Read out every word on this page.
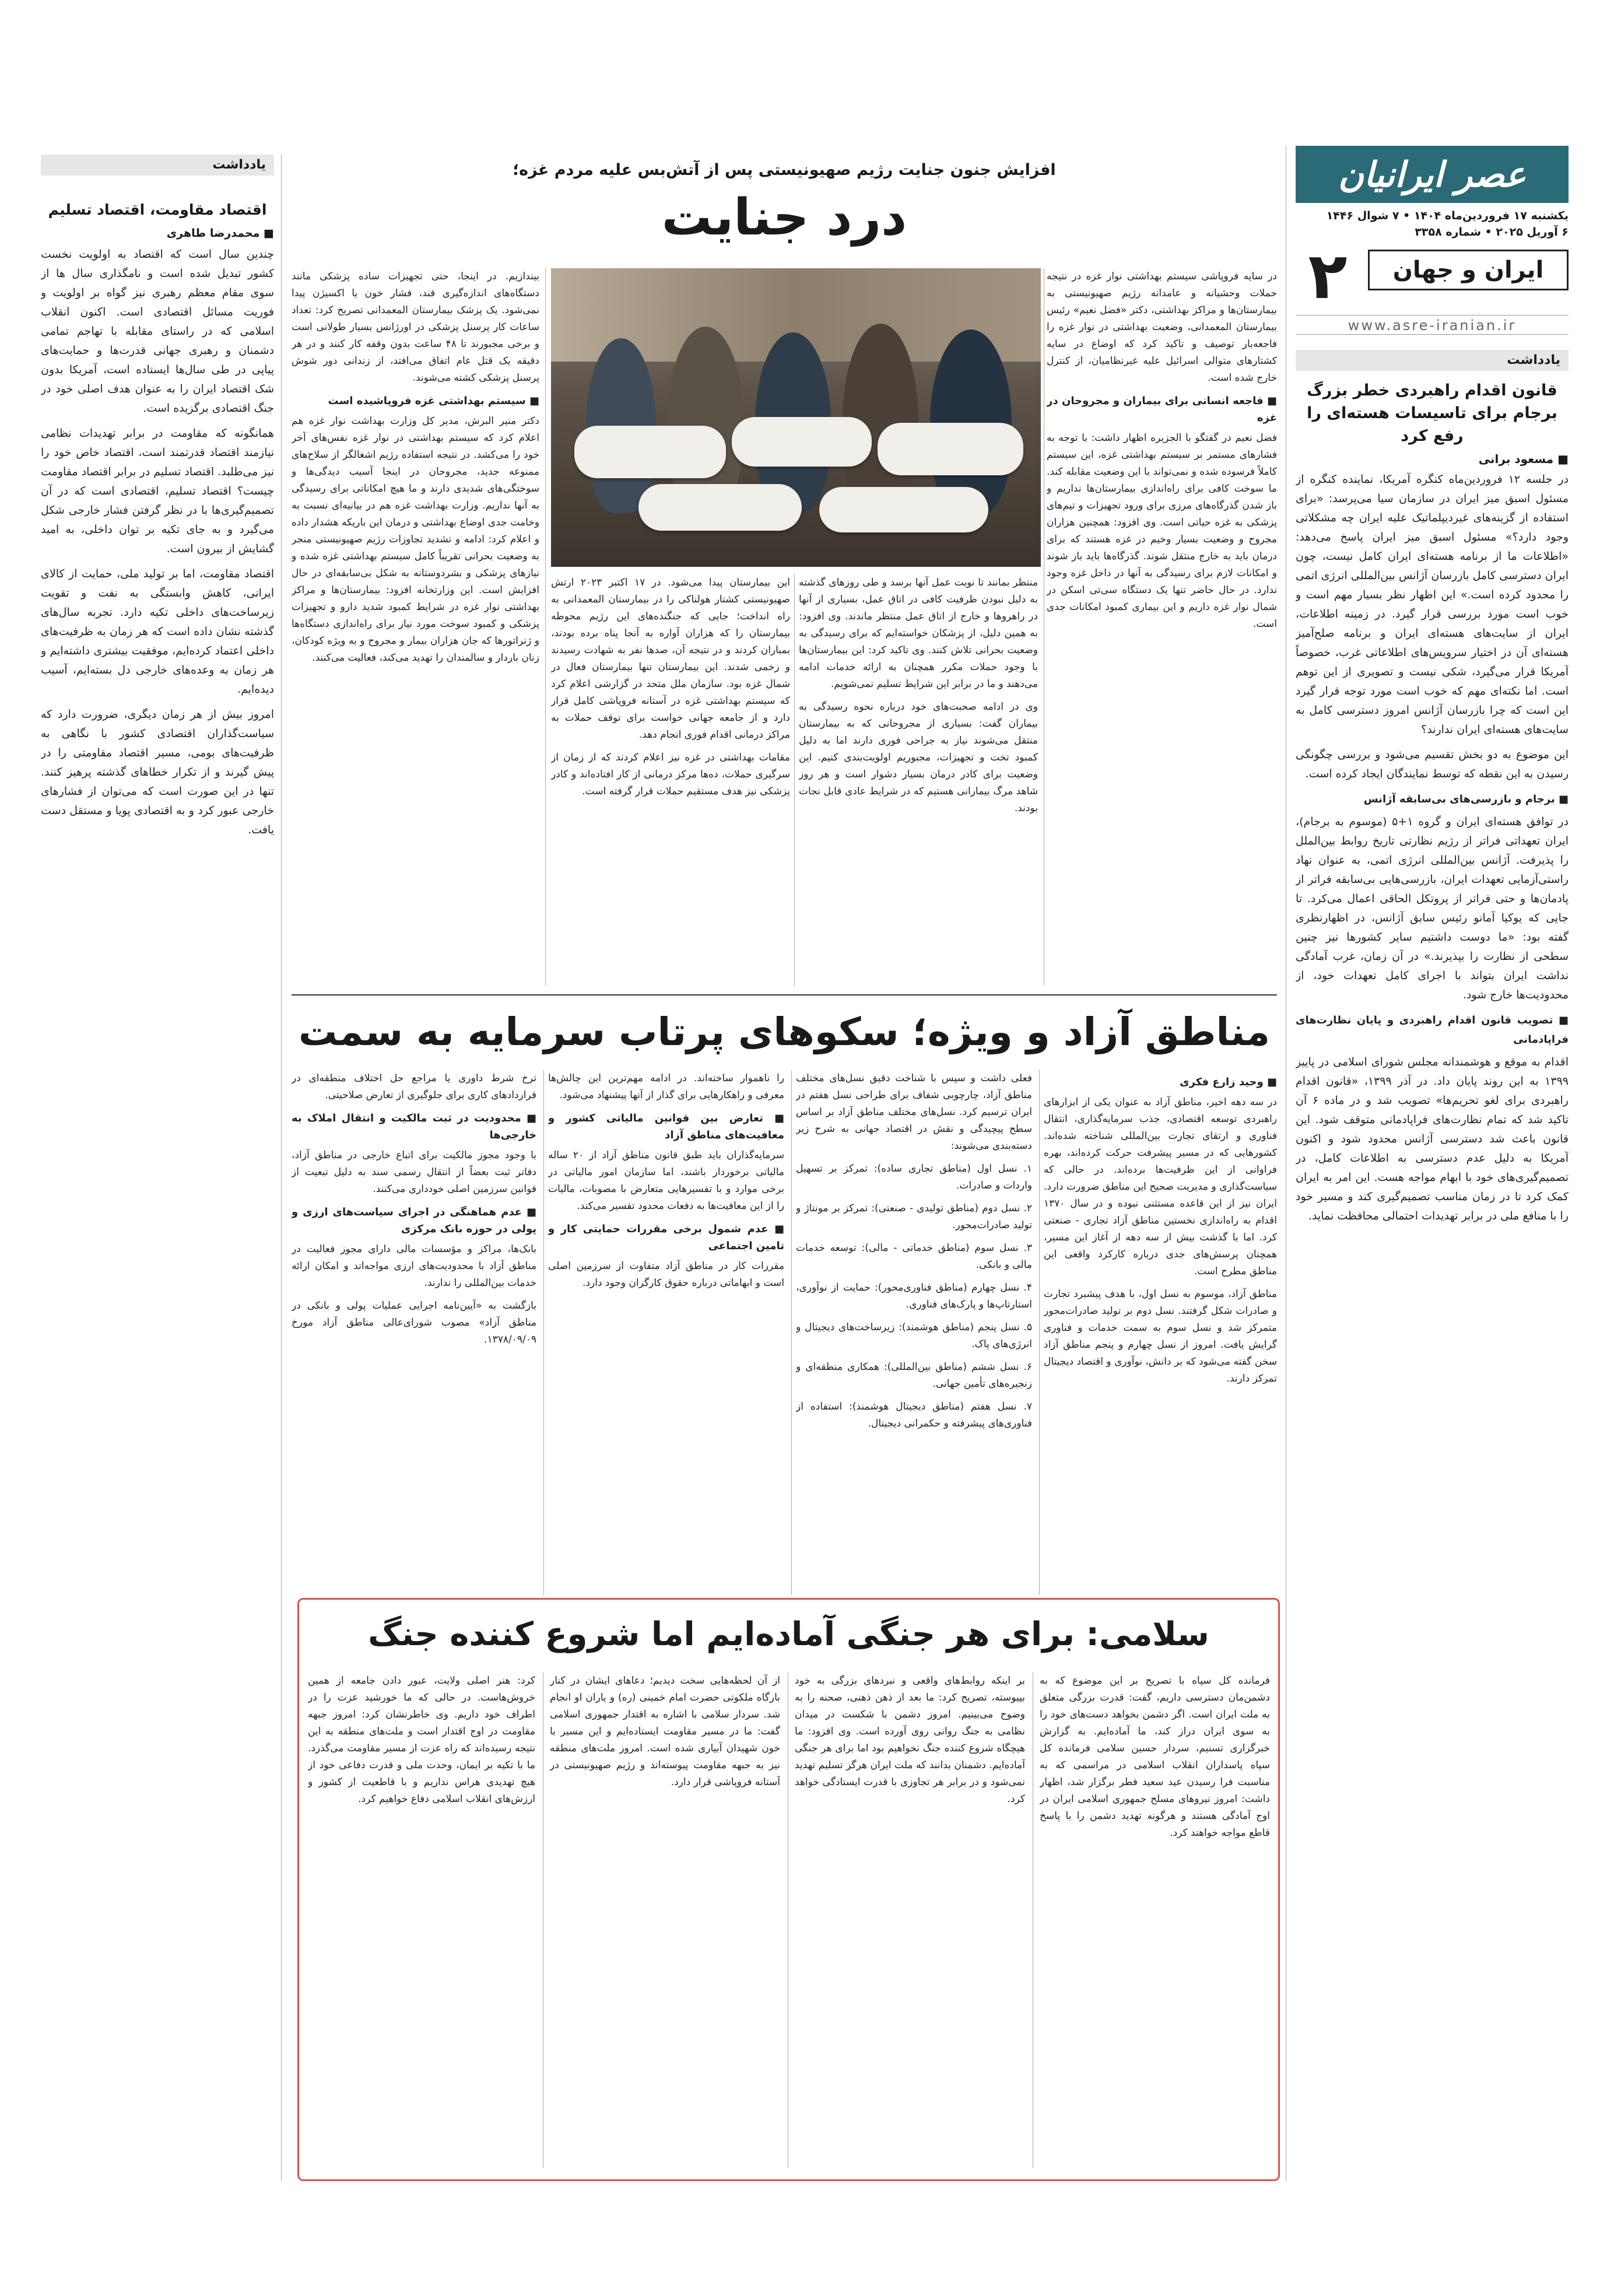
عصر ایرانیان
یکشنبه ۱۷ فروردین‌ماه ۱۴۰۴ • ۷ شوال ۱۴۴۶
۶ آوریل ۲۰۲۵ • شماره ۳۳۵۸
۲	ایران و جهان
www.asre-iranian.ir
یادداشت
قانون اقدام راهبردی خطر بزرگ برجام برای تاسیسات هسته‌ای را رفع کرد
■ مسعود برانی

در جلسه ۱۲ فروردین‌ماه کنگره آمریکا، نماینده کنگره از مسئول اسبق میز ایران در سازمان سیا می‌پرسد: «برای استفاده از گزینه‌های غیردیپلماتیک علیه ایران چه مشکلاتی وجود دارد؟» مسئول اسبق میز ایران پاسخ می‌دهد: «اطلاعات ما از برنامه هسته‌ای ایران کامل نیست، چون ایران دسترسی کامل بازرسان آژانس بین‌المللی انرژی اتمی را محدود کرده است.» این اظهار نظر بسیار مهم است و خوب است مورد بررسی قرار گیرد. در زمینه اطلاعات، ایران از سایت‌های هسته‌ای ایران و برنامه صلح‌آمیز هسته‌ای آن در اختیار سرویس‌های اطلاعاتی غرب، خصوصاً آمریکا قرار می‌گیرد، شکی نیست و تصویری از این توهم است. اما نکته‌ای مهم که خوب است مورد توجه قرار گیرد این است که چرا بازرسان آژانس امروز دسترسی کامل به سایت‌های هسته‌ای ایران ندارند؟

این موضوع به دو بخش تقسیم می‌شود و بررسی چگونگی رسیدن به این نقطه که توسط نمایندگان ایجاد کرده است.

■ برجام و بازرسی‌های بی‌سابقه آژانس

در توافق هسته‌ای ایران و گروه ۱+۵ (موسوم به برجام)، ایران تعهداتی فراتر از رژیم نظارتی تاریخ روابط بین‌الملل را پذیرفت. آژانس بین‌المللی انرژی اتمی، به عنوان نهاد راستی‌آزمایی تعهدات ایران، بازرسی‌هایی بی‌سابقه فراتر از پادمان‌ها و حتی فراتر از پروتکل الحاقی اعمال می‌کرد. تا جایی که یوکیا آمانو رئیس سابق آژانس، در اظهارنظری گفته بود: «ما دوست داشتیم سایر کشورها نیز چنین سطحی از نظارت را بپذیرند.» در آن زمان، غرب آمادگی نداشت ایران بتواند با اجرای کامل تعهدات خود، از محدودیت‌ها خارج شود.

■ تصویب قانون اقدام راهبردی و پایان نظارت‌های فراپادمانی

اقدام به موقع و هوشمندانه مجلس شورای اسلامی در پاییز ۱۳۹۹ به این روند پایان داد. در آذر ۱۳۹۹، «قانون اقدام راهبردی برای لغو تحریم‌ها» تصویب شد و در ماده ۶ آن تاکید شد که تمام نظارت‌های فراپادمانی متوقف شود. این قانون باعث شد دسترسی آژانس محدود شود و اکنون آمریکا به دلیل عدم دسترسی به اطلاعات کامل، در تصمیم‌گیری‌های خود با ابهام مواجه هست. این امر به ایران کمک کرد تا در زمان مناسب تصمیم‌گیری کند و مسیر خود را با منافع ملی در برابر تهدیدات احتمالی محافظت نماید.

افزایش جنون جنایت رژیم صهیونیستی پس از آتش‌بس علیه مردم غزه؛
درد جنایت

در سایه فروپاشی سیستم بهداشتی نوار غزه در نتیجه حملات وحشیانه و عامدانه رژیم صهیونیستی به بیمارستان‌ها و مراکز بهداشتی، دکتر «فضل نعیم» رئیس بیمارستان المعمدانی، وضعیت بهداشتی در نوار غزه را فاجعه‌بار توصیف و تاکید کرد که اوضاع در سایه کشتارهای متوالی اسرائیل علیه غیرنظامیان، از کنترل خارج شده است.

■ فاجعه انسانی برای بیماران و مجروحان در غزه

فضل نعیم در گفتگو با الجزیره اظهار داشت: با توجه به فشارهای مستمر بر سیستم بهداشتی غزه، این سیستم کاملاً فرسوده شده و نمی‌تواند با این وضعیت مقابله کند. ما سوخت کافی برای راه‌اندازی بیمارستان‌ها نداریم و باز شدن گذرگاه‌های مرزی برای ورود تجهیزات و تیم‌های پزشکی به غزه حیاتی است. وی افزود: همچنین هزاران مجروح و وضعیت بسیار وخیم در غزه هستند که برای درمان باید به خارج منتقل شوند. گذرگاه‌ها باید باز شوند و امکانات لازم برای رسیدگی به آنها در داخل غزه وجود ندارد. در حال حاضر تنها یک دستگاه سی‌تی اسکن در شمال نوار غزه داریم و این بیماری کمبود امکانات جدی است.

منتظر بمانند تا نوبت عمل آنها برسد و طی روزهای گذشته به دلیل نبودن ظرفیت کافی در اتاق عمل، بسیاری از آنها در راهروها و خارج از اتاق عمل منتظر ماندند. وی افزود: به همین دلیل، از پزشکان خواسته‌ایم که برای رسیدگی به وضعیت بحرانی تلاش کنند. وی تاکید کرد: این بیمارستان‌ها با وجود حملات مکرر همچنان به ارائه خدمات ادامه می‌دهند و ما در برابر این شرایط تسلیم نمی‌شویم.

وی در ادامه صحبت‌های خود درباره نحوه رسیدگی به بیماران گفت: بسیاری از مجروحانی که به بیمارستان منتقل می‌شوند نیاز به جراحی فوری دارند اما به دلیل کمبود تخت و تجهیزات، مجبوریم اولویت‌بندی کنیم. این وضعیت برای کادر درمان بسیار دشوار است و هر روز شاهد مرگ بیمارانی هستیم که در شرایط عادی قابل نجات بودند.

این بیمارستان پیدا می‌شود. در ۱۷ اکتبر ۲۰۲۳ ارتش صهیونیستی کشتار هولناکی را در بیمارستان المعمدانی به راه انداخت؛ جایی که جنگنده‌های این رژیم محوطه بیمارستان را که هزاران آواره به آنجا پناه برده بودند، بمباران کردند و در نتیجه آن، صدها نفر به شهادت رسیدند و زخمی شدند. این بیمارستان تنها بیمارستان فعال در شمال غزه بود. سازمان ملل متحد در گزارشی اعلام کرد که سیستم بهداشتی غزه در آستانه فروپاشی کامل قرار دارد و از جامعه جهانی خواست برای توقف حملات به مراکز درمانی اقدام فوری انجام دهد.

مقامات بهداشتی در غزه نیز اعلام کردند که از زمان از سرگیری حملات، ده‌ها مرکز درمانی از کار افتاده‌اند و کادر پزشکی نیز هدف مستقیم حملات قرار گرفته است.

بیندازیم. در اینجا، حتی تجهیزات ساده پزشکی مانند دستگاه‌های اندازه‌گیری قند، فشار خون یا اکسیژن پیدا نمی‌شود. یک پزشک بیمارستان المعمدانی تصریح کرد: تعداد ساعات کار پرسنل پزشکی در اورژانس بسیار طولانی است و برخی مجبورند تا ۴۸ ساعت بدون وقفه کار کنند و در هر دقیقه یک قتل عام اتفاق می‌افتد، از زندانی دور شوش پرسنل پزشکی کشته می‌شوند.

■ سیستم بهداشتی غزه فروپاشیده است

دکتر منیر البرش، مدیر کل وزارت بهداشت نوار غزه هم اعلام کرد که سیستم بهداشتی در نوار غزه نفس‌های آخر خود را می‌کشد. در نتیجه استفاده رژیم اشغالگر از سلاح‌های ممنوعه جدید، مجروحان در اینجا آسیب دیدگی‌ها و سوختگی‌های شدیدی دارند و ما هیچ امکاناتی برای رسیدگی به آنها نداریم. وزارت بهداشت غزه هم در بیانیه‌ای نسبت به وخامت جدی اوضاع بهداشتی و درمان این باریکه هشدار داده و اعلام کرد: ادامه و تشدید تجاوزات رژیم صهیونیستی منجر به وضعیت بحرانی تقریباً کامل سیستم بهداشتی غزه شده و نیازهای پزشکی و بشردوستانه به شکل بی‌سابقه‌ای در حال افزایش است. این وزارتخانه افزود: بیمارستان‌ها و مراکز بهداشتی نوار غزه در شرایط کمبود شدید دارو و تجهیزات پزشکی و کمبود سوخت مورد نیاز برای راه‌اندازی دستگاه‌ها و ژنراتورها که جان هزاران بیمار و مجروح و به ویژه کودکان، زنان باردار و سالمندان را تهدید می‌کند، فعالیت می‌کنند.

مناطق آزاد و ویژه؛ سکوهای پرتاب سرمایه به سمت

■ وحید زارع فکری

در سه دهه اخیر، مناطق آزاد به عنوان یکی از ابزارهای راهبردی توسعه اقتصادی، جذب سرمایه‌گذاری، انتقال فناوری و ارتقای تجارت بین‌المللی شناخته شده‌اند. کشورهایی که در مسیر پیشرفت حرکت کرده‌اند، بهره فراوانی از این ظرفیت‌ها برده‌اند. در حالی که سیاست‌گذاری و مدیریت صحیح این مناطق ضرورت دارد. ایران نیز از این قاعده مستثنی نبوده و در سال ۱۳۷۰ اقدام به راه‌اندازی نخستین مناطق آزاد تجاری - صنعتی کرد. اما با گذشت بیش از سه دهه از آغاز این مسیر، همچنان پرسش‌های جدی درباره کارکرد واقعی این مناطق مطرح است.

مناطق آزاد، موسوم به نسل اول، با هدف پیشبرد تجارت و صادرات شکل گرفتند. نسل دوم بر تولید صادرات‌محور متمرکز شد و نسل سوم به سمت خدمات و فناوری گرایش یافت. امروز از نسل چهارم و پنجم مناطق آزاد سخن گفته می‌شود که بر دانش، نوآوری و اقتصاد دیجیتال تمرکز دارند.

فعلی داشت و سپس با شناخت دقیق نسل‌های مختلف مناطق آزاد، چارچوبی شفاف برای طراحی نسل هفتم در ایران ترسیم کرد. نسل‌های مختلف مناطق آزاد بر اساس سطح پیچیدگی و نقش در اقتصاد جهانی به شرح زیر دسته‌بندی می‌شوند:

۱. نسل اول (مناطق تجاری ساده): تمرکز بر تسهیل واردات و صادرات.

۲. نسل دوم (مناطق تولیدی - صنعتی): تمرکز بر مونتاژ و تولید صادرات‌محور.

۳. نسل سوم (مناطق خدماتی - مالی): توسعه خدمات مالی و بانکی.

۴. نسل چهارم (مناطق فناوری‌محور): حمایت از نوآوری، استارتاپ‌ها و پارک‌های فناوری.

۵. نسل پنجم (مناطق هوشمند): زیرساخت‌های دیجیتال و انرژی‌های پاک.

۶. نسل ششم (مناطق بین‌المللی): همکاری منطقه‌ای و زنجیره‌های تأمین جهانی.

۷. نسل هفتم (مناطق دیجیتال هوشمند): استفاده از فناوری‌های پیشرفته و حکمرانی دیجیتال.

را ناهموار ساخته‌اند. در ادامه مهم‌ترین این چالش‌ها معرفی و راهکارهایی برای گذار از آنها پیشنهاد می‌شود.

■ تعارض بین قوانین مالیاتی کشور و معافیت‌های مناطق آزاد

سرمایه‌گذاران باید طبق قانون مناطق آزاد از ۲۰ ساله مالیاتی برخوردار باشند، اما سازمان امور مالیاتی در برخی موارد و با تفسیرهایی متعارض با مصوبات، مالیات را از این معافیت‌ها به دفعات محدود تفسیر می‌کند.

■ عدم شمول برخی مقررات حمایتی کار و تامین اجتماعی

مقررات کار در مناطق آزاد متفاوت از سرزمین اصلی است و ابهاماتی درباره حقوق کارگران وجود دارد.

ترخ شرط داوری یا مراجع حل اختلاف منطقه‌ای در قراردادهای کاری برای جلوگیری از تعارض صلاحیتی.

■ محدودیت در ثبت مالکیت و انتقال املاک به خارجی‌ها

با وجود مجوز مالکیت برای اتباع خارجی در مناطق آزاد، دفاتر ثبت بعضاً از انتقال رسمی سند به دلیل تبعیت از قوانین سرزمین اصلی خودداری می‌کنند.

■ عدم هماهنگی در اجرای سیاست‌های ارزی و پولی در حوزه بانک مرکزی

بانک‌ها، مراکز و مؤسسات مالی دارای مجوز فعالیت در مناطق آزاد با محدودیت‌های ارزی مواجه‌اند و امکان ارائه خدمات بین‌المللی را ندارند.

بازگشت به «آیین‌نامه اجرایی عملیات پولی و بانکی در مناطق آزاد» مصوب شورای‌عالی مناطق آزاد مورخ ۱۳۷۸/۰۹/۰۹.

سلامی: برای هر جنگی آماده‌ایم اما شروع کننده جنگ

فرمانده کل سپاه با تصریح بر این موضوع که به دشمن‌مان دسترسی داریم، گفت: قدرت بزرگی متعلق به ملت ایران است. اگر دشمن بخواهد دست‌های خود را به سوی ایران دراز کند، ما آماده‌ایم. به گزارش خبرگزاری تسنیم، سردار حسین سلامی فرمانده کل سپاه پاسداران انقلاب اسلامی در مراسمی که به مناسبت فرا رسیدن عید سعید فطر برگزار شد، اظهار داشت: امروز نیروهای مسلح جمهوری اسلامی ایران در اوج آمادگی هستند و هرگونه تهدید دشمن را با پاسخ قاطع مواجه خواهند کرد.

بر اینکه روابط‌های واقعی و نبردهای بزرگی به خود بپیوسته، تصریح کرد: ما بعد از ذهن ذهنی، صحنه را به وضوح می‌بینیم. امروز دشمن با شکست در میدان نظامی به جنگ روانی روی آورده است. وی افزود: ما هیچگاه شروع کننده جنگ نخواهیم بود اما برای هر جنگی آماده‌ایم. دشمنان بدانند که ملت ایران هرگز تسلیم تهدید نمی‌شود و در برابر هر تجاوزی با قدرت ایستادگی خواهد کرد.

از آن لحظه‌هایی سخت دیدیم؛ دعاهای ایشان در کنار بارگاه ملکوتی حضرت امام خمینی (ره) و یاران او انجام شد. سردار سلامی با اشاره به اقتدار جمهوری اسلامی گفت: ما در مسیر مقاومت ایستاده‌ایم و این مسیر با خون شهیدان آبیاری شده است. امروز ملت‌های منطقه نیز به جبهه مقاومت پیوسته‌اند و رژیم صهیونیستی در آستانه فروپاشی قرار دارد.

کرد: هنر اصلی ولایت، عبور دادن جامعه از همین خروش‌هاست. در حالی که ما خورشید عزت را در اطراف خود داریم. وی خاطرنشان کرد: امروز جبهه مقاومت در اوج اقتدار است و ملت‌های منطقه به این نتیجه رسیده‌اند که راه عزت از مسیر مقاومت می‌گذرد. ما با تکیه بر ایمان، وحدت ملی و قدرت دفاعی خود از هیچ تهدیدی هراس نداریم و با قاطعیت از کشور و ارزش‌های انقلاب اسلامی دفاع خواهیم کرد.

یادداشت
اقتصاد مقاومت، اقتصاد تسلیم
■ محمدرضا طاهری

چندین سال است که اقتصاد به اولویت نخست کشور تبدیل شده است و نامگذاری سال ها از سوی مقام معظم رهبری نیز گواه بر اولویت و فوریت مسائل اقتصادی است. اکنون انقلاب اسلامی که در راستای مقابله با تهاجم تمامی دشمنان و رهبری جهانی قدرت‌ها و حمایت‌های پیاپی در طی سال‌ها ایستاده است، آمریکا بدون شک اقتصاد ایران را به عنوان هدف اصلی خود در جنگ اقتصادی برگزیده است.

همانگونه که مقاومت در برابر تهدیدات نظامی نیازمند اقتصاد قدرتمند است، اقتصاد خاص خود را نیز می‌طلبد. اقتصاد تسلیم در برابر اقتصاد مقاومت چیست؟ اقتصاد تسلیم، اقتصادی است که در آن تصمیم‌گیری‌ها با در نظر گرفتن فشار خارجی شکل می‌گیرد و به جای تکیه بر توان داخلی، به امید گشایش از بیرون است.

اقتصاد مقاومت، اما بر تولید ملی، حمایت از کالای ایرانی، کاهش وابستگی به نفت و تقویت زیرساخت‌های داخلی تکیه دارد. تجربه سال‌های گذشته نشان داده است که هر زمان به ظرفیت‌های داخلی اعتماد کرده‌ایم، موفقیت بیشتری داشته‌ایم و هر زمان به وعده‌های خارجی دل بسته‌ایم، آسیب دیده‌ایم.

امروز بیش از هر زمان دیگری، ضرورت دارد که سیاست‌گذاران اقتصادی کشور با نگاهی به ظرفیت‌های بومی، مسیر اقتصاد مقاومتی را در پیش گیرند و از تکرار خطاهای گذشته پرهیز کنند. تنها در این صورت است که می‌توان از فشارهای خارجی عبور کرد و به اقتصادی پویا و مستقل دست یافت.
